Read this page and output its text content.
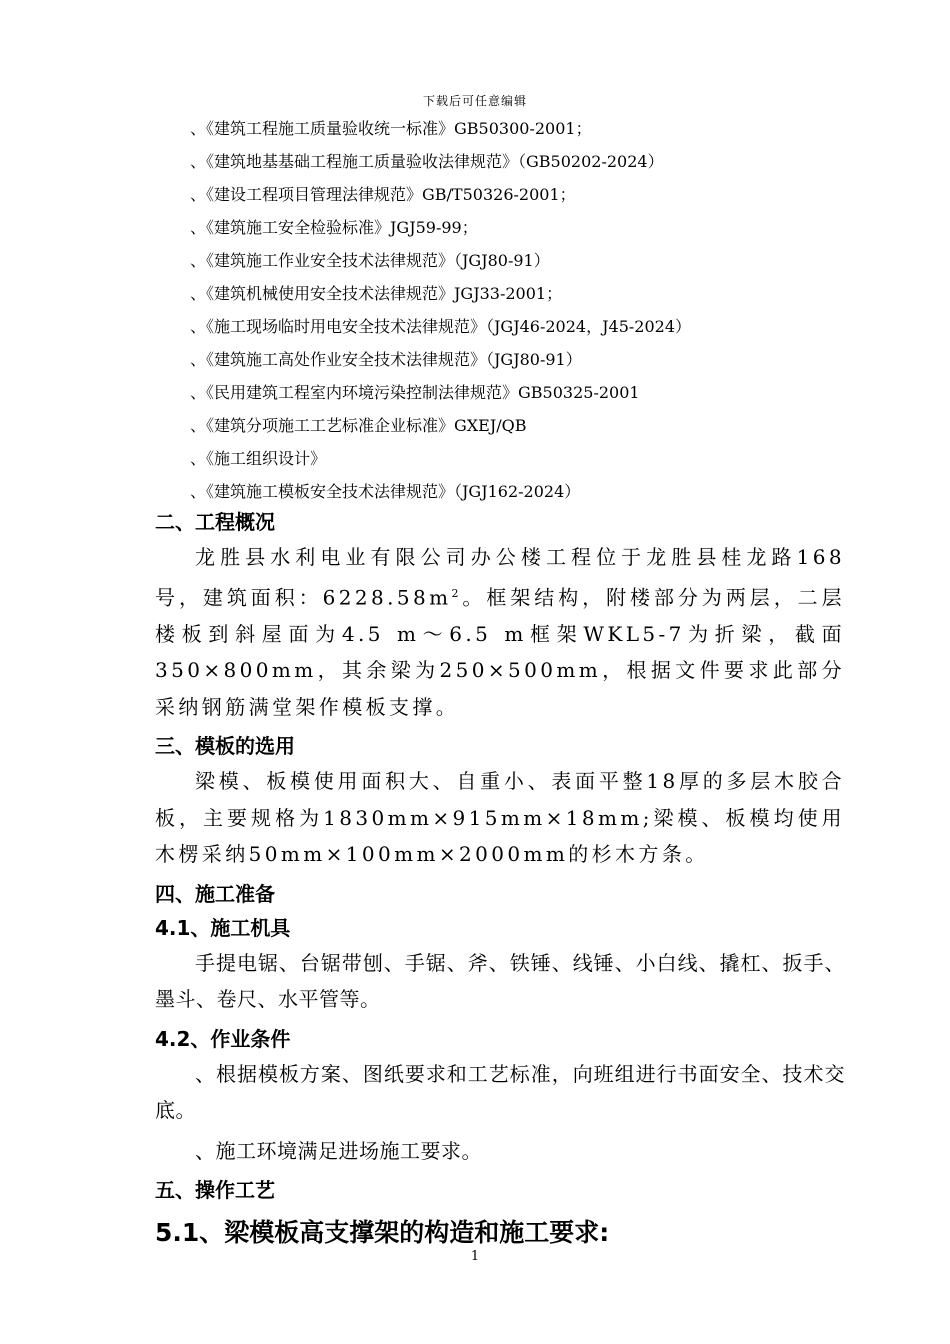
下载后可任意编辑
、《建筑工程施工质量验收统一标准》GB50300-2001；
、《建筑地基基础工程施工质量验收法律规范》（GB50202-2024）
、《建设工程项目管理法律规范》GB/T50326-2001；
、《建筑施工安全检验标准》JGJ59-99；
、《建筑施工作业安全技术法律规范》（JGJ80-91）
、《建筑机械使用安全技术法律规范》JGJ33-2001；
、《施工现场临时用电安全技术法律规范》（JGJ46-2024，J45-2024）
、《建筑施工高处作业安全技术法律规范》（JGJ80-91）
、《民用建筑工程室内环境污染控制法律规范》GB50325-2001
、《建筑分项施工工艺标准企业标准》GXEJ/QB
、《施工组织设计》
、《建筑施工模板安全技术法律规范》（JGJ162-2024）
二、工程概况
龙胜县水利电业有限公司办公楼工程位于龙胜县桂龙路168号，建筑面积：$6228.58m^2$。框架结构，附楼部分为两层，二层楼板到斜屋面为4.5 m～6.5 m框架WKL5-7为折梁，截面350×800mm，其余梁为250×500mm，根据文件要求此部分采纳钢筋满堂架作模板支撑。
三、模板的选用
梁模、板模使用面积大、自重小、表面平整18厚的多层木胶合板，主要规格为1830mm×915mm×18mm;梁模、板模均使用木楞采纳50mm×100mm×2000mm的杉木方条。
四、施工准备
4.1、施工机具
手提电锯、台锯带刨、手锯、斧、铁锤、线锤、小白线、撬杠、扳手、墨斗、卷尺、水平管等。
4.2、作业条件
、根据模板方案、图纸要求和工艺标准，向班组进行书面安全、技术交底。
、施工环境满足进场施工要求。
五、操作工艺
5.1、梁模板高支撑架的构造和施工要求:
1
